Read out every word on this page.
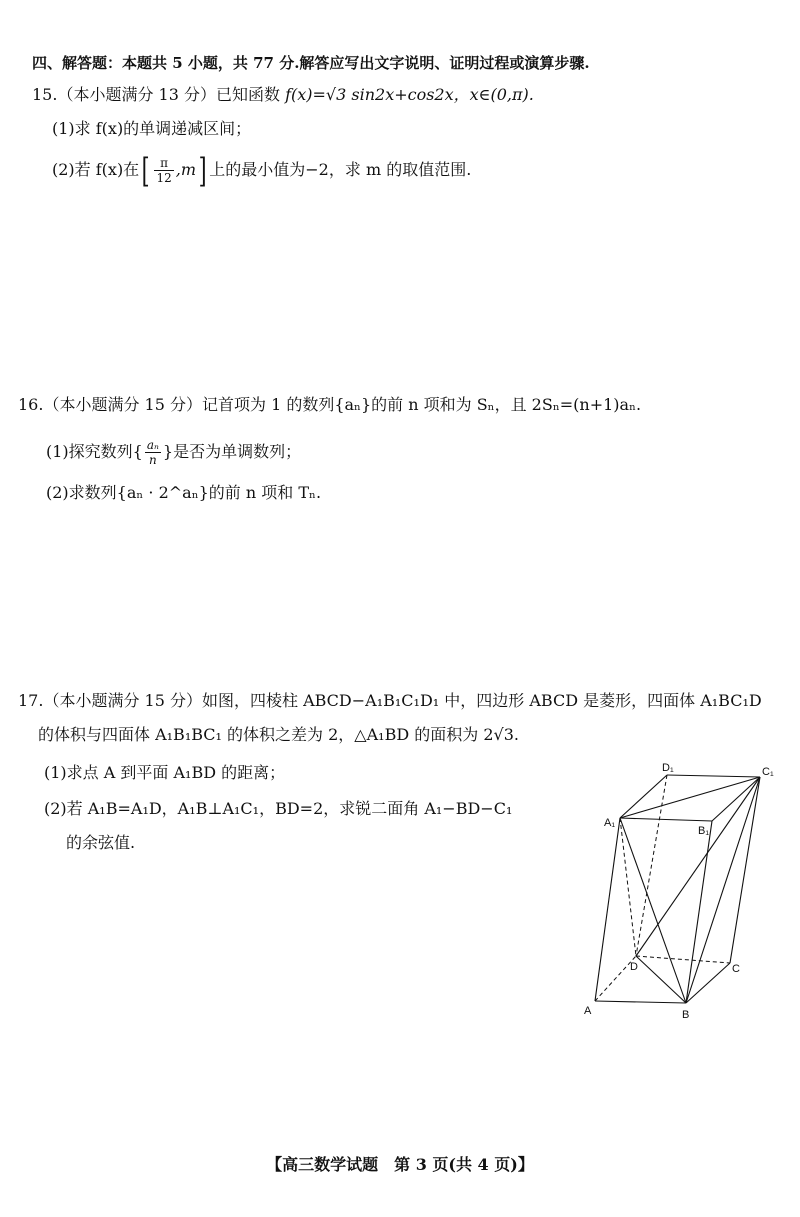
四、解答题：本题共 5 小题，共 77 分.解答应写出文字说明、证明过程或演算步骤.
15.（本小题满分 13 分）已知函数 f(x)=√3 sin2x+cos2x，x∈(0,π).
(1)求 f(x)的单调递减区间；
(2)若 f(x)在[ $\frac{\pi}{12} ,m$] 上的最小值为−2，求 m 的取值范围.
16.（本小题满分 15 分）记首项为 1 的数列{aₙ}的前 n 项和为 Sₙ，且 2Sₙ=(n+1)aₙ.
(1)探究数列{ $\frac{\text{aₙ}}{n}$ }是否为单调数列；
(2)求数列{aₙ · 2^aₙ}的前 n 项和 Tₙ.
17.（本小题满分 15 分）如图，四棱柱 ABCD−A₁B₁C₁D₁ 中，四边形 ABCD 是菱形，四面体 A₁BC₁D
的体积与四面体 A₁B₁BC₁ 的体积之差为 2，△A₁BD 的面积为 2√3.
(1)求点 A 到平面 A₁BD 的距离；
(2)若 A₁B=A₁D，A₁B⊥A₁C₁，BD=2，求锐二面角 A₁−BD−C₁
的余弦值.
D₁	C₁
A₁
B₁
D	C
A	B
【高三数学试题　第 3 页(共 4 页)】
